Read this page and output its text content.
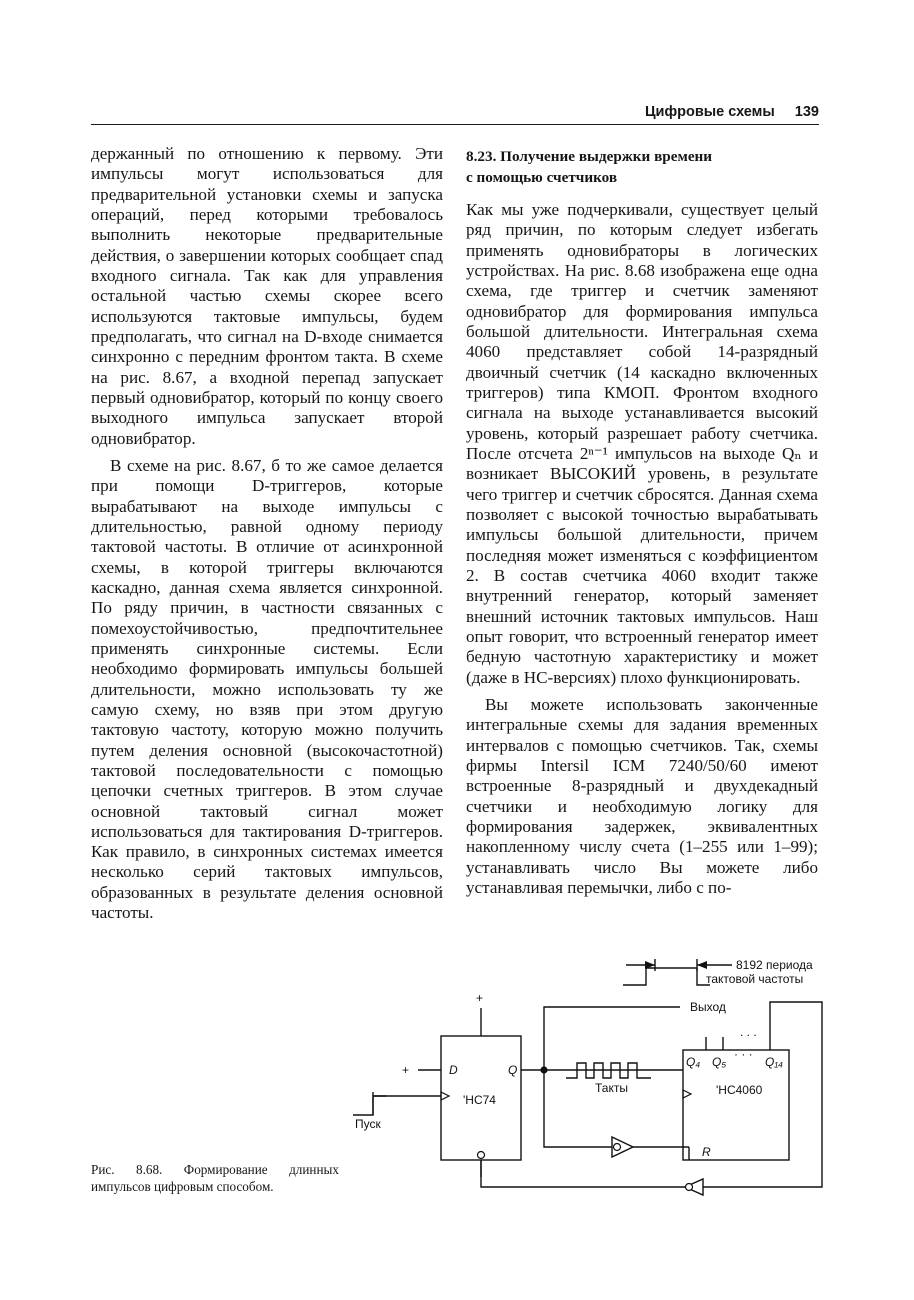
Цифровые схемы 139

держанный по отношению к первому. Эти импульсы могут использоваться для предварительной установки схемы и запуска операций, перед которыми требовалось выполнить некоторые предварительные действия, о завершении которых сообщает спад входного сигнала. Так как для управления остальной частью схемы скорее всего используются тактовые импульсы, будем предполагать, что сигнал на D-входе снимается синхронно с передним фронтом такта. В схеме на рис. 8.67, а входной перепад запускает первый одновибратор, который по концу своего выходного импульса запускает второй одновибратор.

В схеме на рис. 8.67, б то же самое делается при помощи D-триггеров, которые вырабатывают на выходе импульсы с длительностью, равной одному периоду тактовой частоты. В отличие от асинхронной схемы, в которой триггеры включаются каскадно, данная схема является синхронной. По ряду причин, в частности связанных с помехоустойчивостью, предпочтительнее применять синхронные системы. Если необходимо формировать импульсы большей длительности, можно использовать ту же самую схему, но взяв при этом другую тактовую частоту, которую можно получить путем деления основной (высокочастотной) тактовой последовательности с помощью цепочки счетных триггеров. В этом случае основной тактовый сигнал может использоваться для тактирования D-триггеров. Как правило, в синхронных системах имеется несколько серий тактовых импульсов, образованных в результате деления основной частоты.

8.23. Получение выдержки времени
с помощью счетчиков

Как мы уже подчеркивали, существует целый ряд причин, по которым следует избегать применять одновибраторы в логических устройствах. На рис. 8.68 изображена еще одна схема, где триггер и счетчик заменяют одновибратор для формирования импульса большой длительности. Интегральная схема 4060 представляет собой 14-разрядный двоичный счетчик (14 каскадно включенных триггеров) типа КМОП. Фронтом входного сигнала на выходе устанавливается высокий уровень, который разрешает работу счетчика. После отсчета 2ⁿ⁻¹ импульсов на выходе Qₙ и возникает ВЫСОКИЙ уровень, в результате чего триггер и счетчик сбросятся. Данная схема позволяет с высокой точностью вырабатывать импульсы большой длительности, причем последняя может изменяться с коэффициентом 2. В состав счетчика 4060 входит также внутренний генератор, который заменяет внешний источник тактовых импульсов. Наш опыт говорит, что встроенный генератор имеет бедную частотную характеристику и может (даже в НС-версиях) плохо функционировать.

Вы можете использовать законченные интегральные схемы для задания временных интервалов с помощью счетчиков. Так, схемы фирмы Intersil ICM 7240/50/60 имеют встроенные 8-разрядный и двухдекадный счетчики и необходимую логику для формирования задержек, эквивалентных накопленному числу счета (1–255 или 1–99); устанавливать число Вы можете либо устанавливая перемычки, либо с по-

8192 периода
тактовой частоты
Выход
+
+	D	Q
'НС74
Пуск
Такты
Q₄ Q₅
· · ·
Q₁₄
'НС4060
R
. . .
Рис. 8.68. Формирование длинных импульсов цифровым способом.
